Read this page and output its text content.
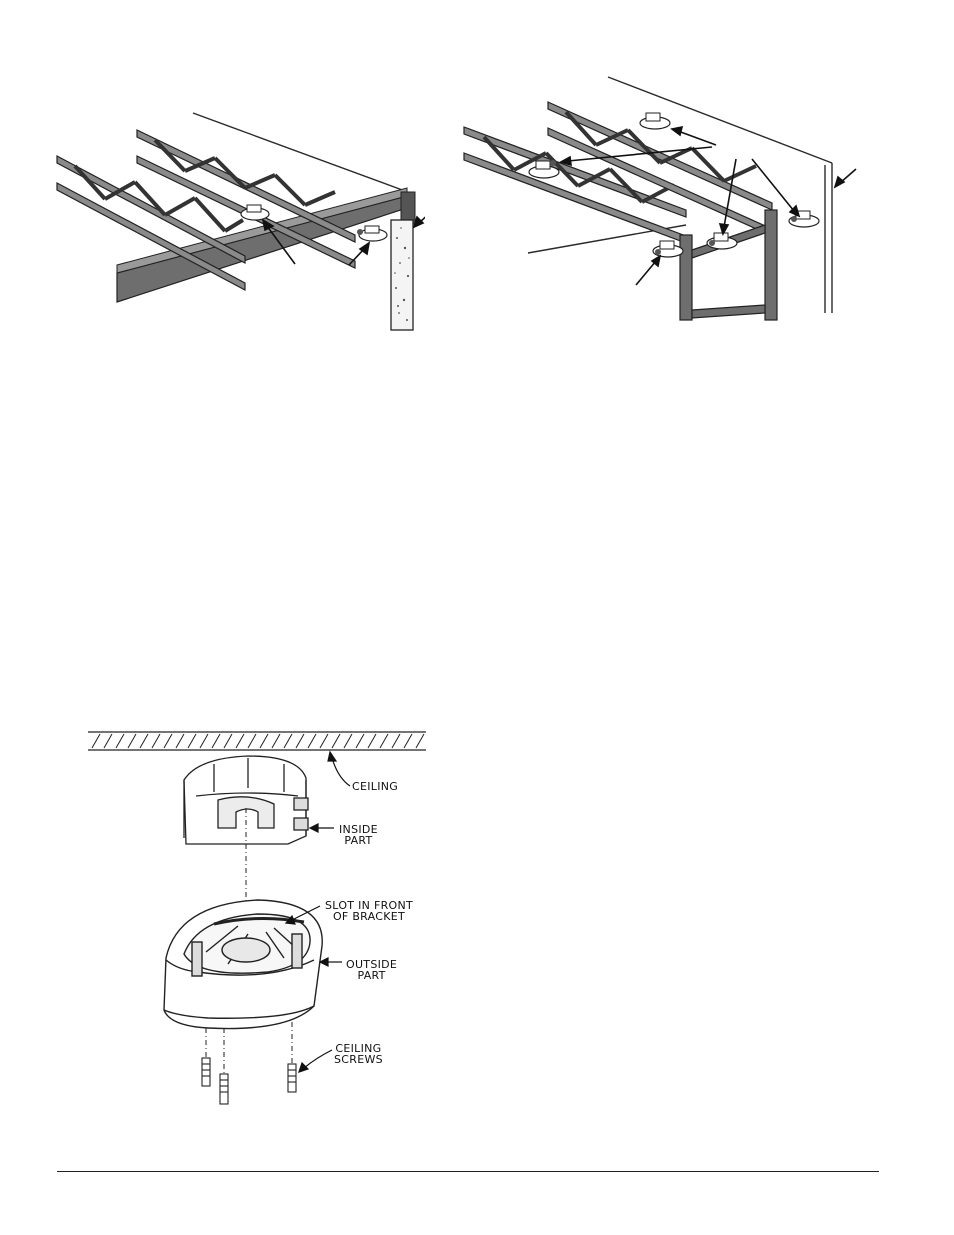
CEILING
INSIDE
PART
SLOT IN FRONT
OF BRACKET
OUTSIDE
PART
CEILING
SCREWS
